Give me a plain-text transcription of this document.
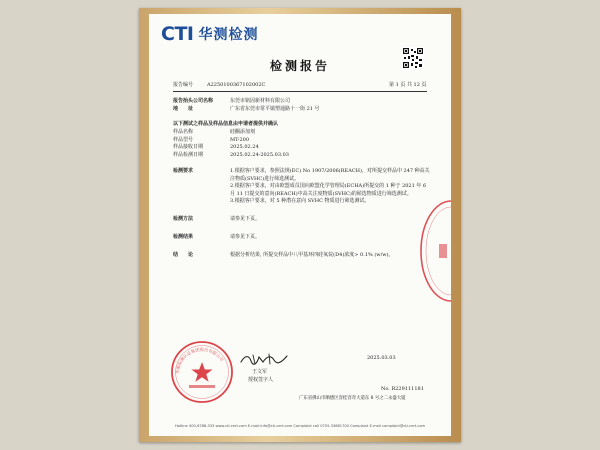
CTI 华测检测
检测报告
报告编号	A2250100367102002C	第 1 页 共 12 页
报告抬头公司名称	东莞市铭固新材料有限公司
地　　址	广东省东莞市常平镇塑通路十一街 21 号
以下测试之样品及样品信息由申请者提供并确认
样品名称	硅酮添加剂
样品型号	MT-200
样品接收日期	2025.02.24
样品检测日期	2025.02.24-2025.03.03
检测要求	1.根据客户要求，参照法规(EC) No 1907/2006(REACH)，对所提交样品中 247 种高关
注物质(SVHC)进行筛选测试。
2.根据客户要求，对由欧盟成员国向欧盟化学管理局(ECHA)所提交的 1 种于 2021 年 6
月 11 日提交的意向(REACH)中高关注度物质(SVHC)的候选物质进行筛选测试。
3.根据客户要求，对 5 种潜在意向 SVHC 物质进行筛选测试。
检测方法	请参见下页。
检测结果	请参见下页。
结　　论	根据分析结果, 所提交样品中八甲基环四硅氧烷(D4)浓度> 0.1% (w/w)。
华测检测认证集团股份有限公司	2025.03.03
王文军
授权签字人
No. R229111181
广东省佛山市顺德区容桂容奇大道东 8 号之二永盛大厦
Hotline 400-6788-333 www.cti-cert.com E-mail:info@cti-cert.com Complaint call 0755-33681700 Complaint E-mail complaint@cti-cert.com
